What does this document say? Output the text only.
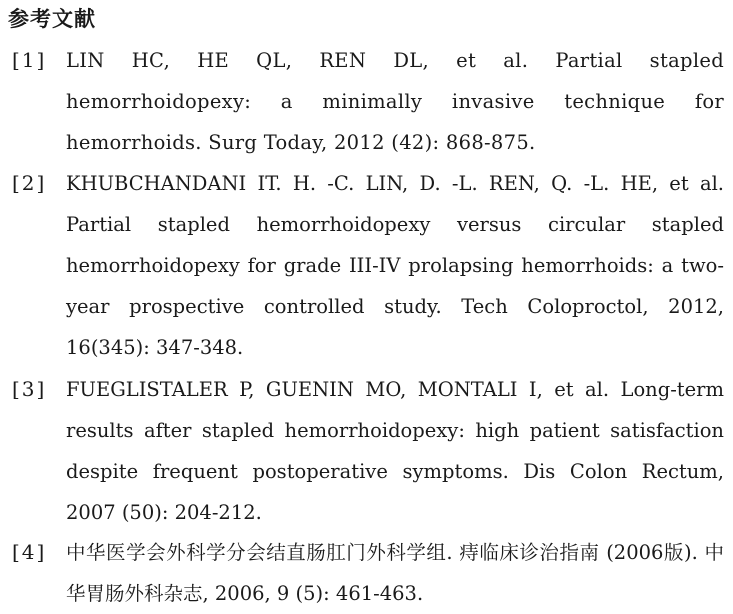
参考文献
[1] LIN HC, HE QL, REN DL, et al. Partial stapled hemorrhoidopexy: a minimally invasive technique for hemorrhoids. Surg Today, 2012 (42): 868-875.
[2] KHUBCHANDANI IT. H. -C. LIN, D. -L. REN, Q. -L. HE, et al. Partial stapled hemorrhoidopexy versus circular stapled hemorrhoidopexy for grade III-IV prolapsing hemorrhoids: a two-year prospective controlled study. Tech Coloproctol, 2012, 16(345): 347-348.
[3] FUEGLISTALER P, GUENIN MO, MONTALI I, et al. Long-term results after stapled hemorrhoidopexy: high patient satisfaction despite frequent postoperative symptoms. Dis Colon Rectum, 2007 (50): 204-212.
[4] 中华医学会外科学分会结直肠肛门外科学组. 痔临床诊治指南 (2006版). 中华胃肠外科杂志, 2006, 9 (5): 461-463.
